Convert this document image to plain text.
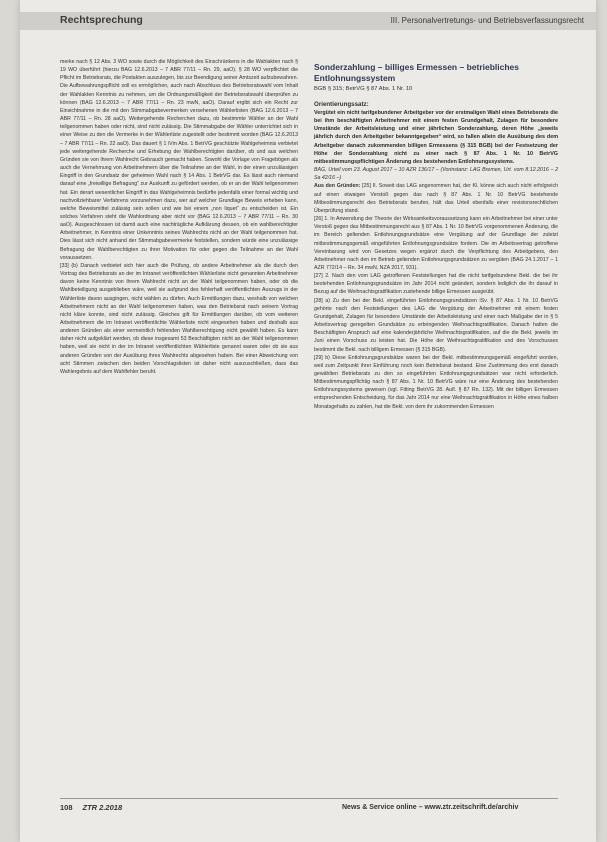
Rechtsprechung	III. Personalvertretungs- und Betriebsverfassungsrecht

merke nach § 12 Abs. 3 WO sowie durch die Möglichkeit des Einschränkens in die Wahlakten nach § 19 WO überführt (hierzu BAG 12.6.2013 – 7 ABR 77/11 – Rn. 29, aaO). § 28 WO verpflichtet die Pflicht im Betriebsrats, die Postakten auszulegen, bis zur Beendigung seiner Amtszeit aufzubewahren. Die Aufbewahrungspflicht soll es ermöglichen, auch nach Abschluss des Betriebsratswahl vom Inhalt der Wahlakten Kenntnis zu nehmen, um die Ordnungsmäßigkeit der Betriebsratswahl überprüfen zu können (BAG 12.6.2013 – 7 ABR 77/11 – Rn. 23 mwN, aaO). Darauf ergibt sich ein Recht zur Einsichtnahme in die mit den Stimmabgabevermerken versehenen Wählerlisten (BAG 12.6.2013 – 7 ABR 77/11 – Rn. 28 aaO). Weitergehende Recherchen dazu, ob bestimmte Wähler an der Wahl teilgenommen haben oder nicht, sind nicht zulässig. Die Stimmabgabe der Wähler unterrichtet sich in einer Weise zu den die Vermerke in der Wählerliste zugestellt oder bestimmt worden (BAG 12.6.2013 – 7 ABR 77/11 – Rn. 22 aaO). Das dauert § 1 iVm Abs. 1 BetrVG geschützte Wahlgeheimnis verbietet jede weitergehende Recherche und Erhebung der Wahlberechtigten darüber, ob und aus welchen Gründen sie von ihrem Wahlrecht Gebrauch gemacht haben. Sowohl die Vorlage von Fragebögen als auch die Vernehmung von Arbeitnehmern über die Teilnahme an der Wahl, in der einen unzulässigen Eingriff in den Grundsatz der geheimen Wahl nach § 14 Abs. 1 BetrVG dar. Es lässt auch niemand darauf eine „freiwillige Befragung“ zur Auskunft zu gefördert werden, ob er an der Wahl teilgenommen hat. Ein derart wesentlicher Eingriff in das Wahlgeheimnis bedürfte jedenfalls einer formal wichtig und nachvollziehbarer Verfahrens vorzunehmen dazu, wer auf welcher Grundlage Beweis erheben kann, welche Beweismittel zulässig sein sollen und wie bei einem „non liquet“ zu entscheiden ist. Ein solches Verfahren steht die Wahlordnung aber nicht vor (BAG 12.6.2013 – 7 ABR 77/11 – Rn. 30 aaO). Ausgeschlossen ist damit auch eine nachträgliche Aufklärung dessen, ob ein wahlberechtigter Arbeitnehmer, in Kenntnis einer Unkenntnis seines Wahlrechts nicht an der Wahl teilgenommen hat. Dies lässt sich nicht anhand der Stimmabgabevermerke feststellen, sondern würde eine unzulässige Befragung der Wahlberechtigten zu ihrer Motivation für oder gegen die Teilnahme an der Wahl voraussetzen.

[33] (b) Danach verbietet sich hier auch die Prüfung, ob andere Arbeitnehmer als die durch den Vortrag des Betriebsrats an der im Intranet veröffentlichten Wählerliste nicht genannten Arbeitnehmer davon keine Kenntnis von ihrem Wahlrecht nicht an der Wahl teilgenommen haben, oder ob die Wahlbeteiligung ausgeblieben wäre, weil sie aufgrund des fehlerhaft veröffentlichten Auszugs in der Wählerliste davon ausgingen, nicht wählen zu dürfen. Auch Ermittlungen dazu, weshalb von welchen Arbeitnehmern nicht an der Wahl teilgenommen haben, was den Betriebsrat nach seinem Vortrag nicht kläre konnte, sind nicht zulässig. Gleiches gilt für Ermittlungen darüber, ob vom weiteren Arbeitnehmern die im Intranet veröffentlichte Wählerliste nicht eingesehen haben und deshalb aus anderen Gründen als einer vermeintlich fehlenden Wahlberechtigung nicht gewählt haben. Es kann daher nicht aufgeklärt werden, ob diese insgesamt 53 Beschäftigten nicht an der Wahl teilgenommen haben, weil sie nicht in der im Intranet veröffentlichten Wählerliste genannt waren oder ob sie aus anderen Gründen von der Ausübung ihres Wahlrechts abgesehen haben. Bei einer Abweichung von acht Stimmen zwischen den beiden Vorschlagslisten ist daher nicht auszuschließen, dass das Wahlergebnis auf dem Wahlfehler beruht.

Sonderzahlung – billiges Ermessen – betriebliches Entlohnungssystem
BGB § 315; BetrVG § 87 Abs. 1 Nr. 10
Orientierungssatz:

Vergütet ein nicht tarifgebundener Arbeitgeber vor der erstmaligen Wahl eines Betriebsrats die bei ihm beschäftigten Arbeitnehmer mit einem festen Grundgehalt, Zulagen für besondere Umstände der Arbeitsleistung und einer jährlichen Sonderzahlung, deren Höhe „jeweils jährlich durch den Arbeitgeber bekanntgegeben“ wird, so fallen allein die Ausübung des dem Arbeitgeber danach zukommenden billigen Ermessens (§ 315 BGB) bei der Festsetzung der Höhe der Sonderzahlung nicht zu einer nach § 87 Abs. 1 Nr. 10 BetrVG mitbestimmungspflichtigen Änderung des bestehenden Entlohnungssystems.

BAG, Urteil vom 23. August 2017 – 10 AZR 136/17 – (Vorinstanz: LAG Bremen, Urt. vom 8.12.2016 – 2 Sa 42/16 –)

Aus den Gründen: [25] II. Soweit das LAG angenommen hat, der Kl. könne sich auch nicht erfolgreich auf einen etwaigen Verstoß gegen das nach § 87 Abs. 1 Nr. 10 BetrVG bestehende Mitbestimmungsrecht des Betriebsrats berufen, hält das Urteil ebenfalls einer revisionsrechtlichen Überprüfung stand.

[26] 1. In Anwendung der Theorie der Wirksamkeitsvoraussetzung kann ein Arbeitnehmer bei einer unter Verstoß gegen das Mitbestimmungsrecht aus § 87 Abs. 1 Nr. 10 BetrVG vorgenommenen Änderung, die im Bereich geltenden Entlohnungsgrundsätze eine Vergütung auf der Grundlage der zuletzt mitbestimmungsgemäß eingeführten Entlohnungsgrundsätze fordern. Die im Arbeitsvertrag getroffene Vereinbarung wird von Gesetzes wegen ergänzt durch die Verpflichtung des Arbeitgebers, den Arbeitnehmer nach den im Betrieb geltenden Entlohnungsgrundsätzen zu vergüten (BAG 24.1.2017 – 1 AZR 772/14 – Rn. 34 mwN, NZA 2017, 931).

[27] 2. Nach den vom LAG getroffenen Feststellungen hat die nicht tarifgebundene Bekl. die bei ihr bestehenden Entlohnungsgrundsätze im Jahr 2014 nicht geändert, sondern lediglich die ihr darauf in Bezug auf die Weihnachtsgratifikation zustehende billige Ermessen ausgeübt.

[28] a) Zu den bei der Bekl. eingeführten Entlohnungsgrundsätzen iSv. § 87 Abs. 1 Nr. 10 BetrVG gehörte nach den Feststellungen des LAG die Vergütung der Arbeitnehmer mit einem festen Grundgehalt, Zulagen für besondere Umstände der Arbeitsleistung und einer nach Maßgabe der in § 5 Arbeitsvertrag geregelten Grundsätze zu erbringenden Weihnachtsgratifikation. Danach hatten die Beschäftigten Anspruch auf eine kalenderjährliche Weihnachtsgratifikation, auf die die Bekl. jeweils im Juni einen Vorschuss zu leisten hat. Die Höhe der Weihnachtsgratifikation und des Vorschusses bestimmt die Bekl. nach billigem Ermessen (§ 315 BGB).

[29] b) Diese Entlohnungsgrundsätze waren bei der Bekl. mitbestimmungsgemäß eingeführt worden, weil zum Zeitpunkt ihrer Einführung noch kein Betriebsrat bestand. Eine Zustimmung des erst danach gewählten Betriebsrats zu den so eingeführten Entlohnungsgrundsätzen war nicht erforderlich. Mitbestimmungspflichtig nach § 87 Abs. 1 Nr. 10 BetrVG wäre nur eine Änderung des bestehenden Entlohnungssystems gewesen (vgl. Fitting BetrVG 28. Aufl. § 87 Rn. 132). Mit der billigen Ermessen entsprechenden Entscheidung, für das Jahr 2014 nur eine Weihnachtsgratifikation in Höhe eines halben Monatsgehalts zu zahlen, hat die Bekl. von dem ihr zukommenden Ermessen

108 ZTR 2.2018	News & Service online – www.ztr.zeitschrift.de/archiv
